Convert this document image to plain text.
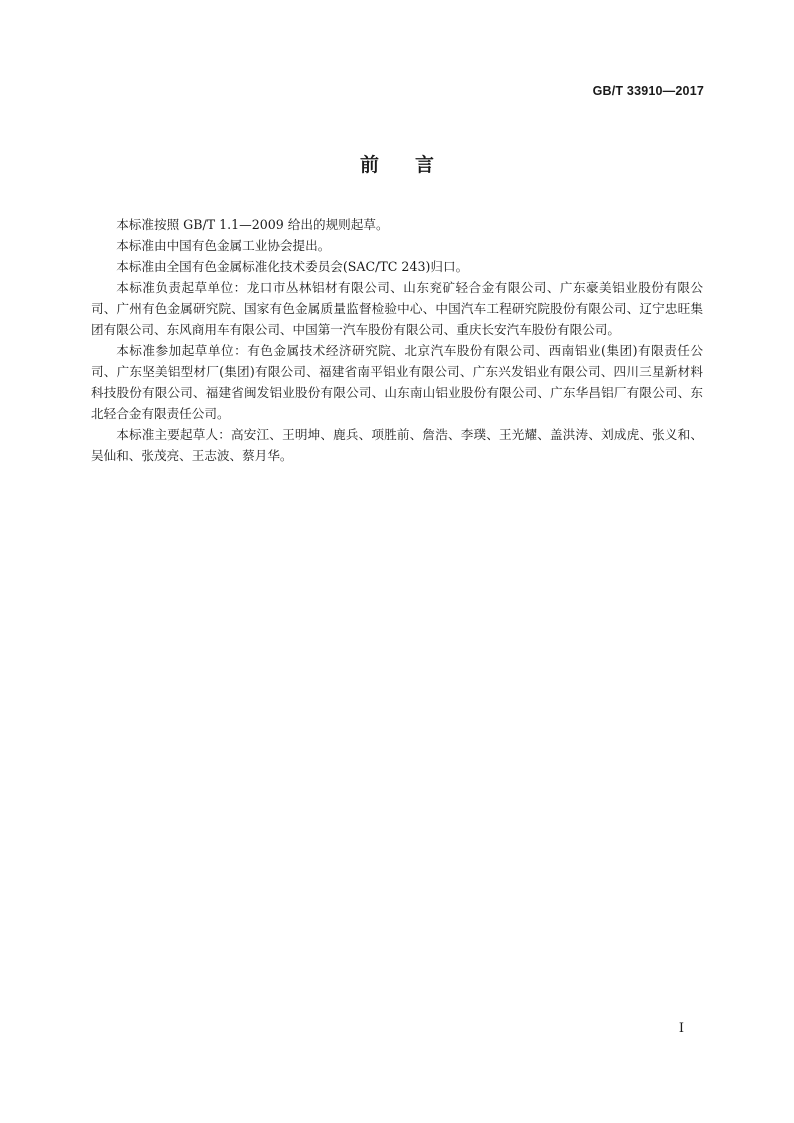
GB/T 33910—2017
前言

本标准按照 GB/T 1.1—2009 给出的规则起草。

本标准由中国有色金属工业协会提出。

本标准由全国有色金属标准化技术委员会(SAC/TC 243)归口。

本标准负责起草单位：龙口市丛林铝材有限公司、山东兖矿轻合金有限公司、广东豪美铝业股份有限公司、广州有色金属研究院、国家有色金属质量监督检验中心、中国汽车工程研究院股份有限公司、辽宁忠旺集团有限公司、东风商用车有限公司、中国第一汽车股份有限公司、重庆长安汽车股份有限公司。

本标准参加起草单位：有色金属技术经济研究院、北京汽车股份有限公司、西南铝业(集团)有限责任公司、广东坚美铝型材厂(集团)有限公司、福建省南平铝业有限公司、广东兴发铝业有限公司、四川三星新材料科技股份有限公司、福建省闽发铝业股份有限公司、山东南山铝业股份有限公司、广东华昌铝厂有限公司、东北轻合金有限责任公司。

本标准主要起草人：高安江、王明坤、鹿兵、项胜前、詹浩、李璞、王光耀、盖洪涛、刘成虎、张义和、吴仙和、张茂亮、王志波、蔡月华。

I
